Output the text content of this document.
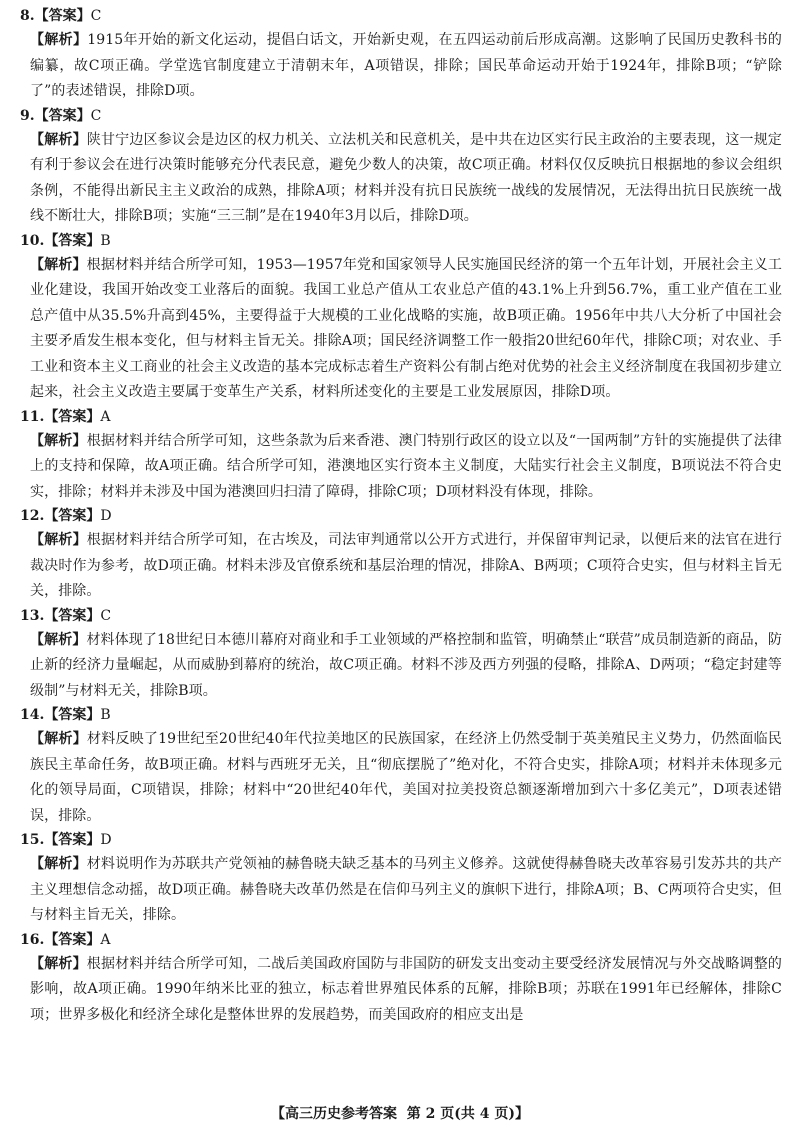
8.【答案】C
【解析】1915年开始的新文化运动，提倡白话文，开始新史观，在五四运动前后形成高潮。这影响了民国历史教科书的编纂，故C项正确。学堂选官制度建立于清朝末年，A项错误，排除；国民革命运动开始于1924年，排除B项；“铲除了”的表述错误，排除D项。
9.【答案】C
【解析】陕甘宁边区参议会是边区的权力机关、立法机关和民意机关，是中共在边区实行民主政治的主要表现，这一规定有利于参议会在进行决策时能够充分代表民意，避免少数人的决策，故C项正确。材料仅仅反映抗日根据地的参议会组织条例，不能得出新民主主义政治的成熟，排除A项；材料并没有抗日民族统一战线的发展情况，无法得出抗日民族统一战线不断壮大，排除B项；实施“三三制”是在1940年3月以后，排除D项。
10.【答案】B
【解析】根据材料并结合所学可知，1953—1957年党和国家领导人民实施国民经济的第一个五年计划，开展社会主义工业化建设，我国开始改变工业落后的面貌。我国工业总产值从工农业总产值的43.1%上升到56.7%，重工业产值在工业总产值中从35.5%升高到45%，主要得益于大规模的工业化战略的实施，故B项正确。1956年中共八大分析了中国社会主要矛盾发生根本变化，但与材料主旨无关。排除A项；国民经济调整工作一般指20世纪60年代，排除C项；对农业、手工业和资本主义工商业的社会主义改造的基本完成标志着生产资料公有制占绝对优势的社会主义经济制度在我国初步建立起来，社会主义改造主要属于变革生产关系，材料所述变化的主要是工业发展原因，排除D项。
11.【答案】A
【解析】根据材料并结合所学可知，这些条款为后来香港、澳门特别行政区的设立以及“一国两制”方针的实施提供了法律上的支持和保障，故A项正确。结合所学可知，港澳地区实行资本主义制度，大陆实行社会主义制度，B项说法不符合史实，排除；材料并未涉及中国为港澳回归扫清了障碍，排除C项；D项材料没有体现，排除。
12.【答案】D
【解析】根据材料并结合所学可知，在古埃及，司法审判通常以公开方式进行，并保留审判记录，以便后来的法官在进行裁决时作为参考，故D项正确。材料未涉及官僚系统和基层治理的情况，排除A、B两项；C项符合史实，但与材料主旨无关，排除。
13.【答案】C
【解析】材料体现了18世纪日本德川幕府对商业和手工业领域的严格控制和监管，明确禁止“联营”成员制造新的商品，防止新的经济力量崛起，从而威胁到幕府的统治，故C项正确。材料不涉及西方列强的侵略，排除A、D两项；“稳定封建等级制”与材料无关，排除B项。
14.【答案】B
【解析】材料反映了19世纪至20世纪40年代拉美地区的民族国家，在经济上仍然受制于英美殖民主义势力，仍然面临民族民主革命任务，故B项正确。材料与西班牙无关，且“彻底摆脱了”绝对化，不符合史实，排除A项；材料并未体现多元化的领导局面，C项错误，排除；材料中“20世纪40年代，美国对拉美投资总额逐渐增加到六十多亿美元”，D项表述错误，排除。
15.【答案】D
【解析】材料说明作为苏联共产党领袖的赫鲁晓夫缺乏基本的马列主义修养。这就使得赫鲁晓夫改革容易引发苏共的共产主义理想信念动摇，故D项正确。赫鲁晓夫改革仍然是在信仰马列主义的旗帜下进行，排除A项；B、C两项符合史实，但与材料主旨无关，排除。
16.【答案】A
【解析】根据材料并结合所学可知，二战后美国政府国防与非国防的研发支出变动主要受经济发展情况与外交战略调整的影响，故A项正确。1990年纳米比亚的独立，标志着世界殖民体系的瓦解，排除B项；苏联在1991年已经解体，排除C项；世界多极化和经济全球化是整体世界的发展趋势，而美国政府的相应支出是
【高三历史参考答案 第 2 页(共 4 页)】
